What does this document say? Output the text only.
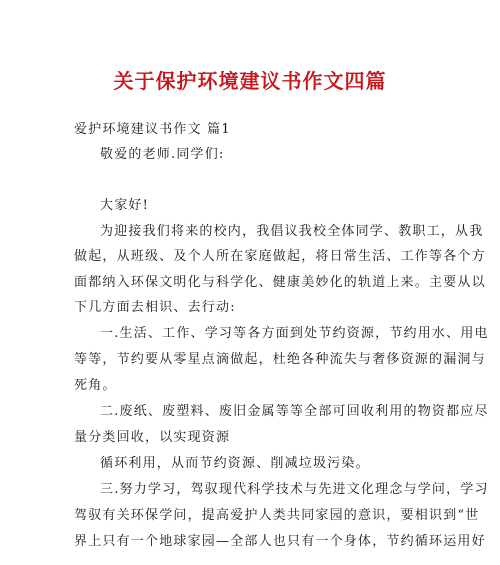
关于保护环境建议书作文四篇
爱护环境建议书作文 篇1
敬爱的老师.同学们:
大家好!
为迎接我们将来的校内，我倡议我校全体同学、教职工，从我
做起，从班级、及个人所在家庭做起，将日常生活、工作等各个方
面都纳入环保文明化与科学化、健康美妙化的轨道上来。主要从以
下几方面去相识、去行动:
一.生活、工作、学习等各方面到处节约资源，节约用水、用电
等等，节约要从零星点滴做起，杜绝各种流失与奢侈资源的漏洞与
死角。
二.废纸、废塑料、废旧金属等等全部可回收利用的物资都应尽
量分类回收，以实现资源
循环利用，从而节约资源、削减垃圾污染。
三.努力学习，驾驭现代科学技术与先进文化理念与学问，学习
驾驭有关环保学问，提高爱护人类共同家园的意识，要相识到“世
界上只有一个地球家园—全部人也只有一个身体，节约循环运用好
